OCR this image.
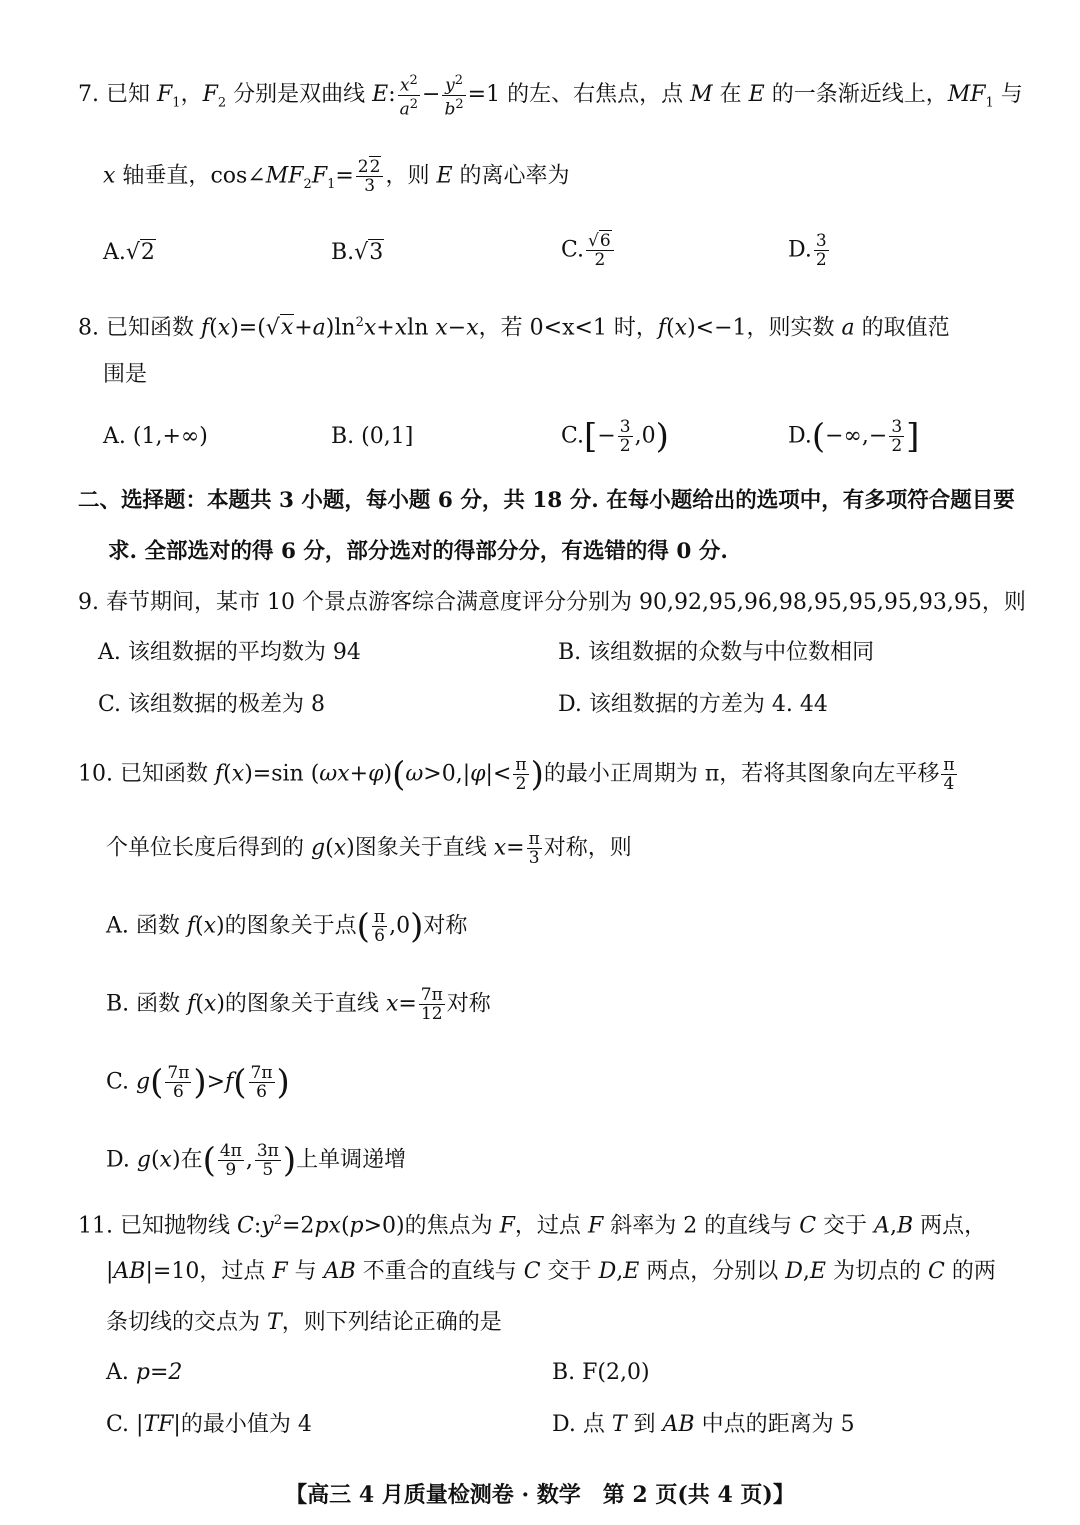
7. 已知 $F_1$，$F_2$ 分别是双曲线 E: $\frac{x^2}{a^2} - \frac{y^2}{b^2} =1$ 的左、右焦点，点 M 在 E 的一条渐近线上，$MF_1$ 与
x 轴垂直，$\cos\angle MF_2F_1= \frac{22}{3}$ ，则 E 的离心率为
A.√2	B.√3	C. $\frac{√6}{2}$	D. $\frac{3}{2}$
8. 已知函数 $f(x)=(√x+a)\ln^2x+xln$ x−x，若 0<x<1 时，f(x)<−1，则实数 a 的取值范
围是
A. (1,+∞)	B. (0,1]	$C.[- \frac{3}{2} ,0)$	$D.(-\infty,- \frac{3}{2}$ ]
二、选择题：本题共 3 小题，每小题 6 分，共 18 分. 在每小题给出的选项中，有多项符合题目要
求. 全部选对的得 6 分，部分选对的得部分分，有选错的得 0 分.
9. 春节期间，某市 10 个景点游客综合满意度评分分别为 90,92,95,96,98,95,95,95,93,95，则
A. 该组数据的平均数为 94	B. 该组数据的众数与中位数相同
C. 该组数据的极差为 8	D. 该组数据的方差为 4. 44
10. 已知函数 f(x)=sin $(\omega x+\varphi)(\omega>0,|\varphi|< \frac{\pi}{2}$ )的最小正周期为 π，若将其图象向左平移 $\frac{\pi}{4}$
个单位长度后得到的 g(x)图象关于直线 $x= \frac{\pi}{3}$ 对称，则
A. 函数 f(x)的图象关于点( $\frac{\pi}{6} ,0$)对称
B. 函数 f(x)的图象关于直线 $x= \frac{7\pi}{12}$ 对称
C. $g( \frac{7\pi}{6} )>f( \frac{7\pi}{6}$ )
D. g(x)在( $\frac{4\pi}{9}$ , $\frac{3\pi}{5}$ )上单调递增
11. 已知抛物线 $C:y^2=2px(p>0)$的焦点为 F，过点 F 斜率为 2 的直线与 C 交于 A,B 两点，
|AB|=10，过点 F 与 AB 不重合的直线与 C 交于 D,E 两点，分别以 D,E 为切点的 C 的两
条切线的交点为 T，则下列结论正确的是
A. p=2	B. F(2,0)
C. |TF|的最小值为 4	D. 点 T 到 AB 中点的距离为 5
【高三 4 月质量检测卷 · 数学　第 2 页(共 4 页)】
